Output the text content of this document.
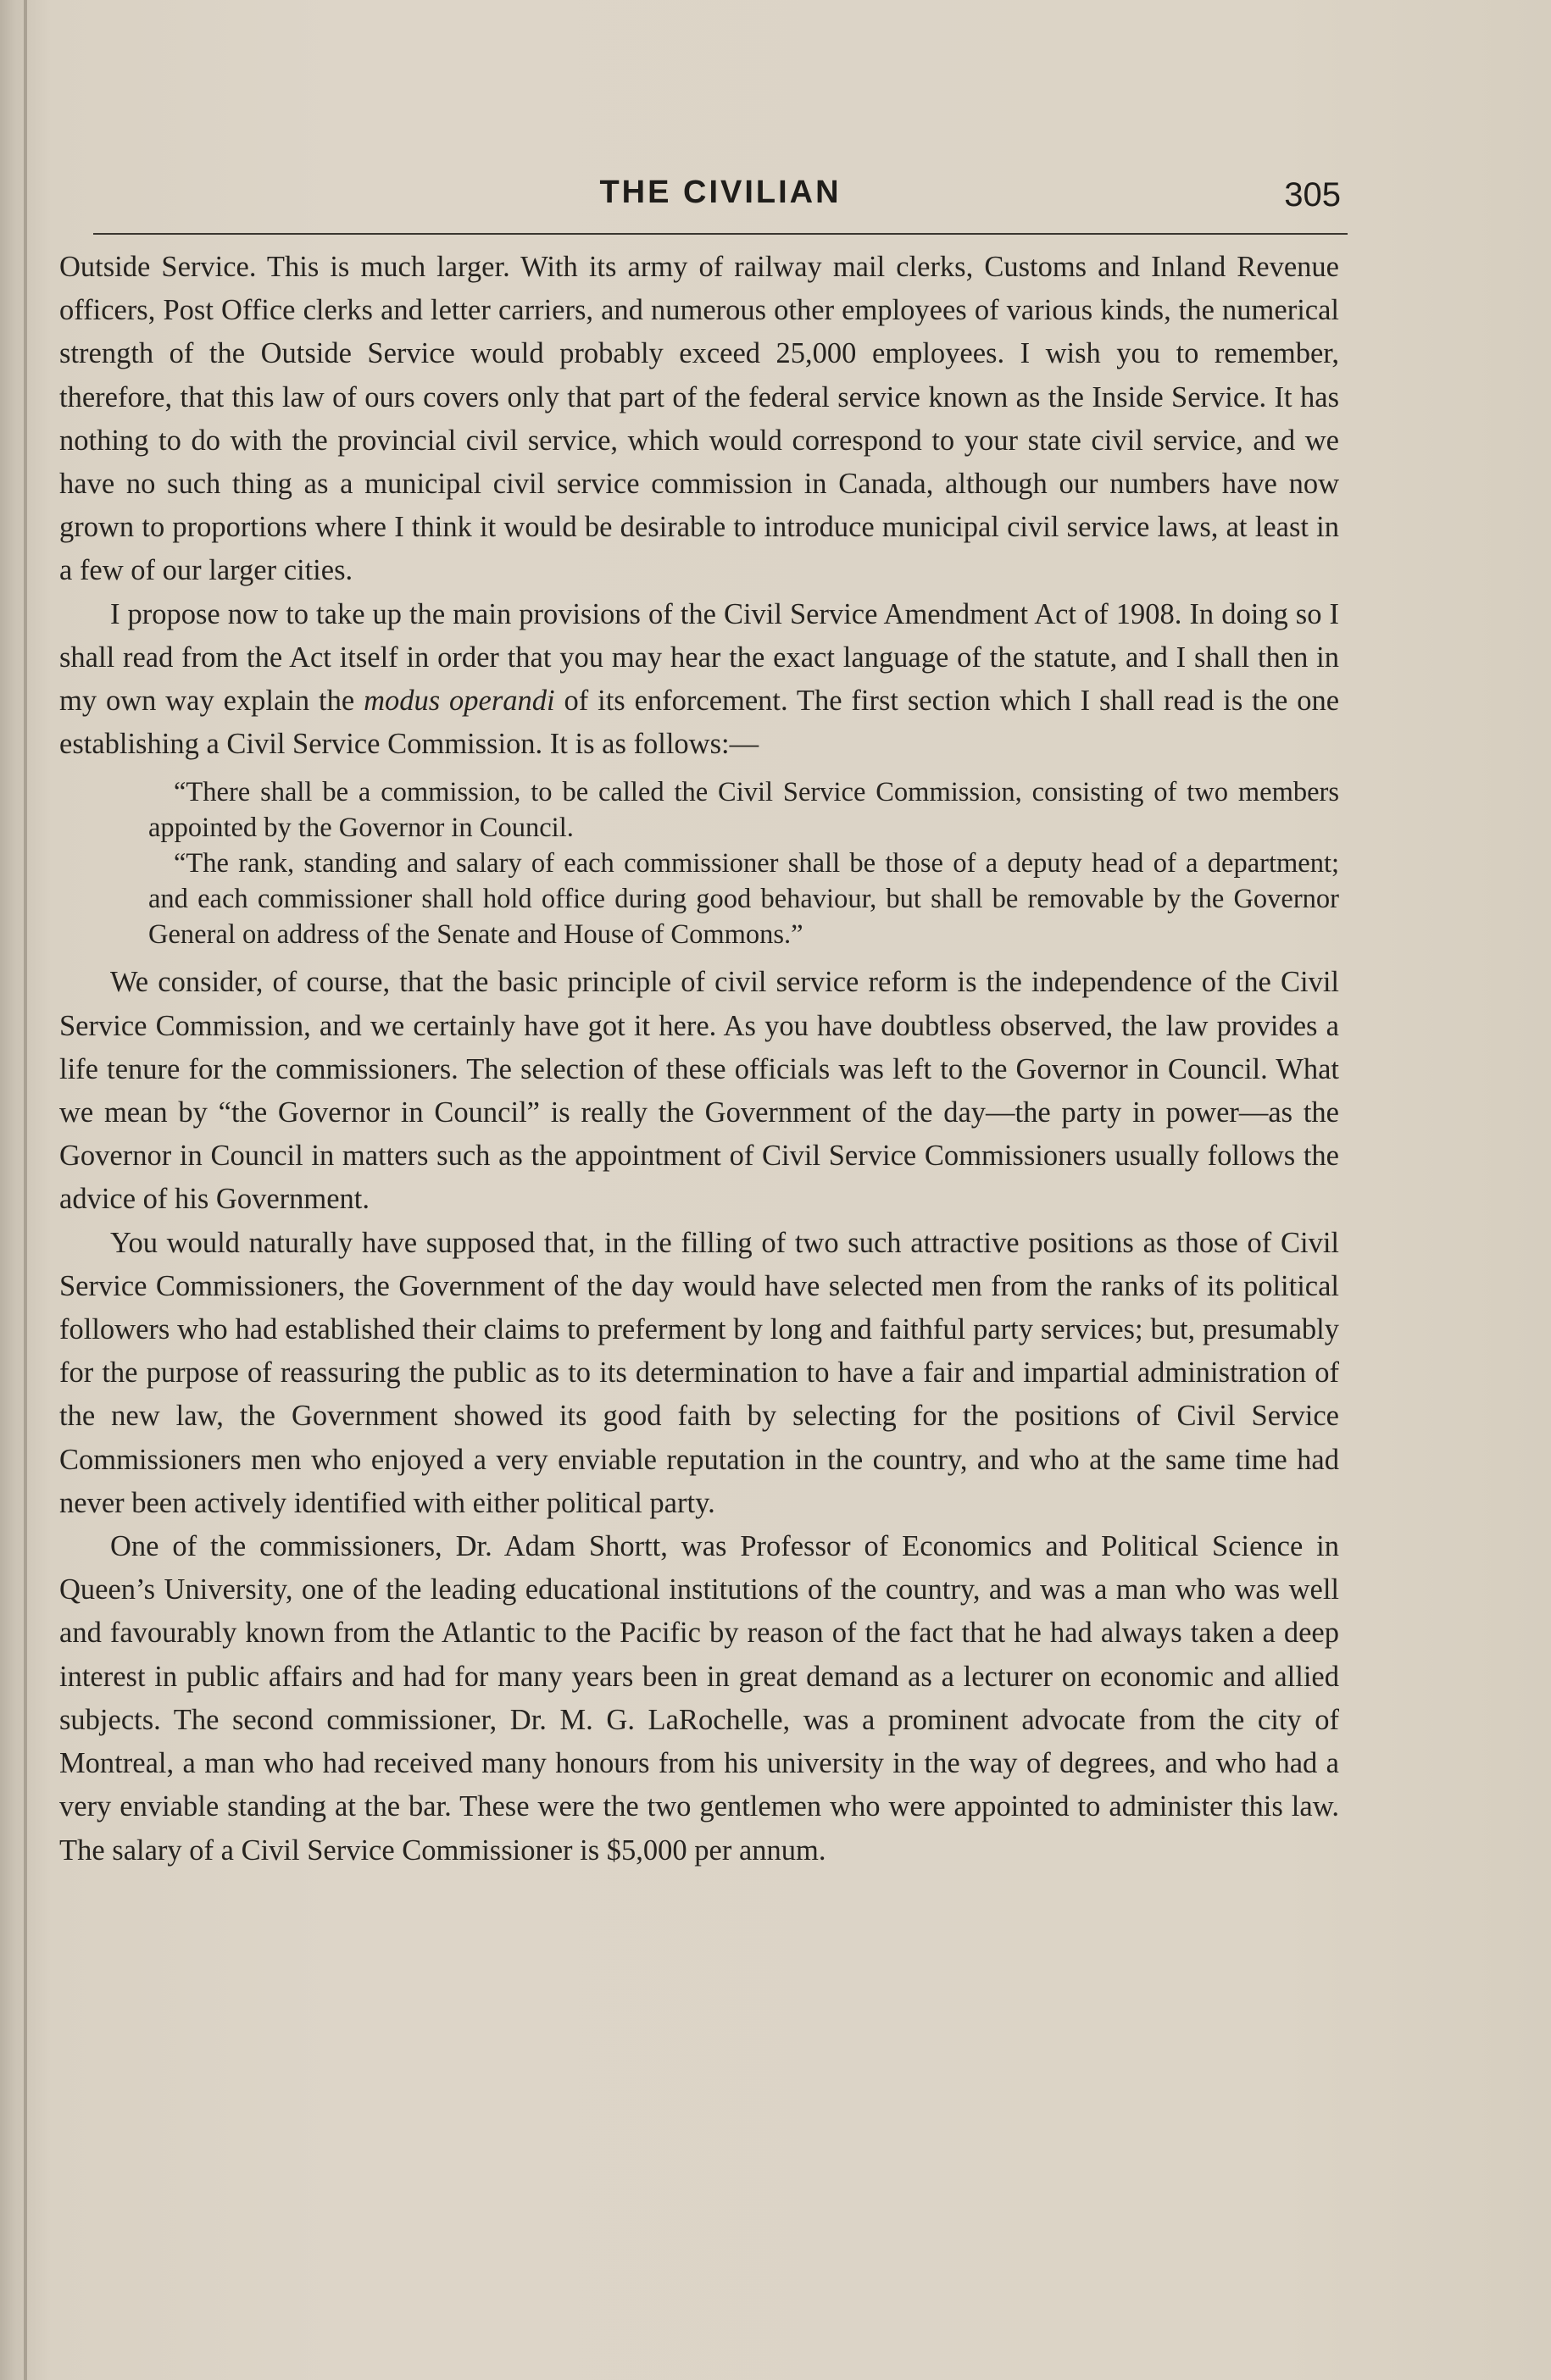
THE CIVILIAN	305

Outside Service. This is much larger. With its army of railway mail clerks, Customs and Inland Revenue officers, Post Office clerks and letter carriers, and numerous other employees of various kinds, the numerical strength of the Outside Service would probably exceed 25,000 employees. I wish you to remember, therefore, that this law of ours covers only that part of the federal service known as the Inside Service. It has nothing to do with the provincial civil service, which would correspond to your state civil service, and we have no such thing as a municipal civil service commission in Canada, although our numbers have now grown to proportions where I think it would be desirable to introduce municipal civil service laws, at least in a few of our larger cities.

I propose now to take up the main provisions of the Civil Service Amendment Act of 1908. In doing so I shall read from the Act itself in order that you may hear the exact language of the statute, and I shall then in my own way explain the modus operandi of its enforcement. The first section which I shall read is the one establishing a Civil Service Commission. It is as follows:—

“There shall be a commission, to be called the Civil Service Commission, consisting of two members appointed by the Governor in Council.

“The rank, standing and salary of each commissioner shall be those of a deputy head of a department; and each commissioner shall hold office during good behaviour, but shall be removable by the Governor General on address of the Senate and House of Commons.”

We consider, of course, that the basic principle of civil service reform is the independence of the Civil Service Commission, and we certainly have got it here. As you have doubtless observed, the law provides a life tenure for the commissioners. The selection of these officials was left to the Governor in Council. What we mean by “the Governor in Council” is really the Government of the day—the party in power—as the Governor in Council in matters such as the appointment of Civil Service Commissioners usually follows the advice of his Government.

You would naturally have supposed that, in the filling of two such attractive positions as those of Civil Service Commissioners, the Government of the day would have selected men from the ranks of its political followers who had established their claims to preferment by long and faithful party services; but, presumably for the purpose of reassuring the public as to its determination to have a fair and impartial administration of the new law, the Government showed its good faith by selecting for the positions of Civil Service Commissioners men who enjoyed a very enviable reputation in the country, and who at the same time had never been actively identified with either political party.

One of the commissioners, Dr. Adam Shortt, was Professor of Economics and Political Science in Queen’s University, one of the leading educational institutions of the country, and was a man who was well and favourably known from the Atlantic to the Pacific by reason of the fact that he had always taken a deep interest in public affairs and had for many years been in great demand as a lecturer on economic and allied subjects. The second commissioner, Dr. M. G. LaRochelle, was a prominent advocate from the city of Montreal, a man who had received many honours from his university in the way of degrees, and who had a very enviable standing at the bar. These were the two gentlemen who were appointed to administer this law. The salary of a Civil Service Commissioner is $5,000 per annum.
